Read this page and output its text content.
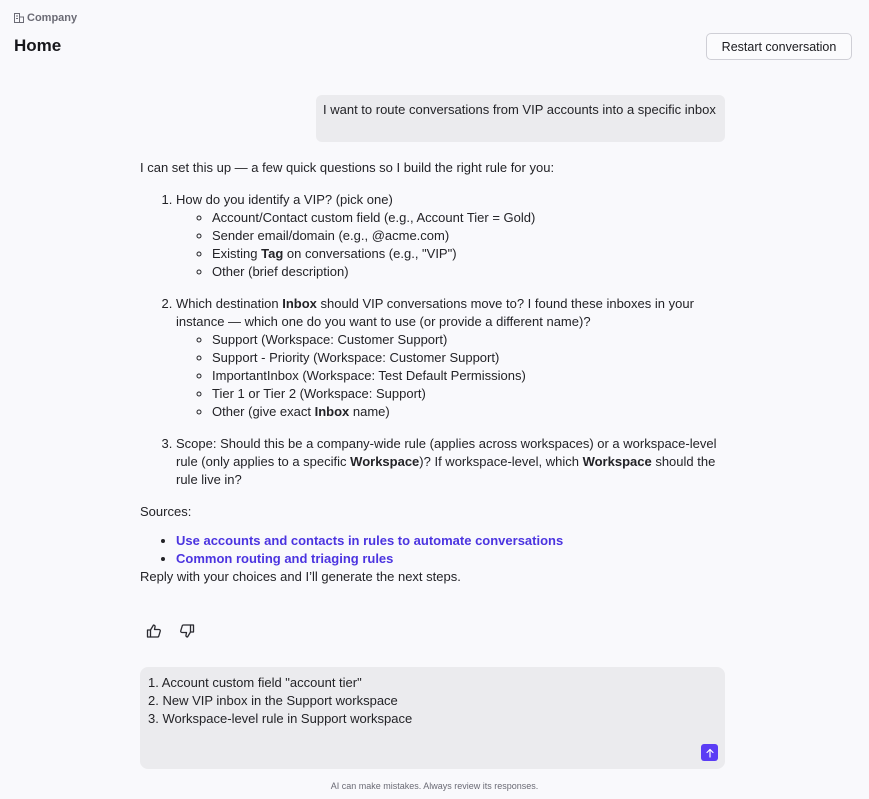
Company
Home	Restart conversation
I want to route conversations from VIP accounts into a specific inbox

I can set this up — a few quick questions so I build the right rule for you:

1. How do you identify a VIP? (pick one)
◦ Account/Contact custom field (e.g., Account Tier = Gold)
◦ Sender email/domain (e.g., @acme.com)
◦ Existing Tag on conversations (e.g., "VIP")
◦ Other (brief description)
2. Which destination Inbox should VIP conversations move to? I found these inboxes in your instance — which one do you want to use (or provide a different name)?
◦ Support (Workspace: Customer Support)
◦ Support - Priority (Workspace: Customer Support)
◦ ImportantInbox (Workspace: Test Default Permissions)
◦ Tier 1 or Tier 2 (Workspace: Support)
◦ Other (give exact Inbox name)
3. Scope: Should this be a company-wide rule (applies across workspaces) or a workspace-level rule (only applies to a specific Workspace)? If workspace-level, which Workspace should the rule live in?

Sources:

• Use accounts and contacts in rules to automate conversations
• Common routing and triaging rules

Reply with your choices and I’ll generate the next steps.

1. Account custom field "account tier"
2. New VIP inbox in the Support workspace
3. Workspace-level rule in Support workspace
AI can make mistakes. Always review its responses.
